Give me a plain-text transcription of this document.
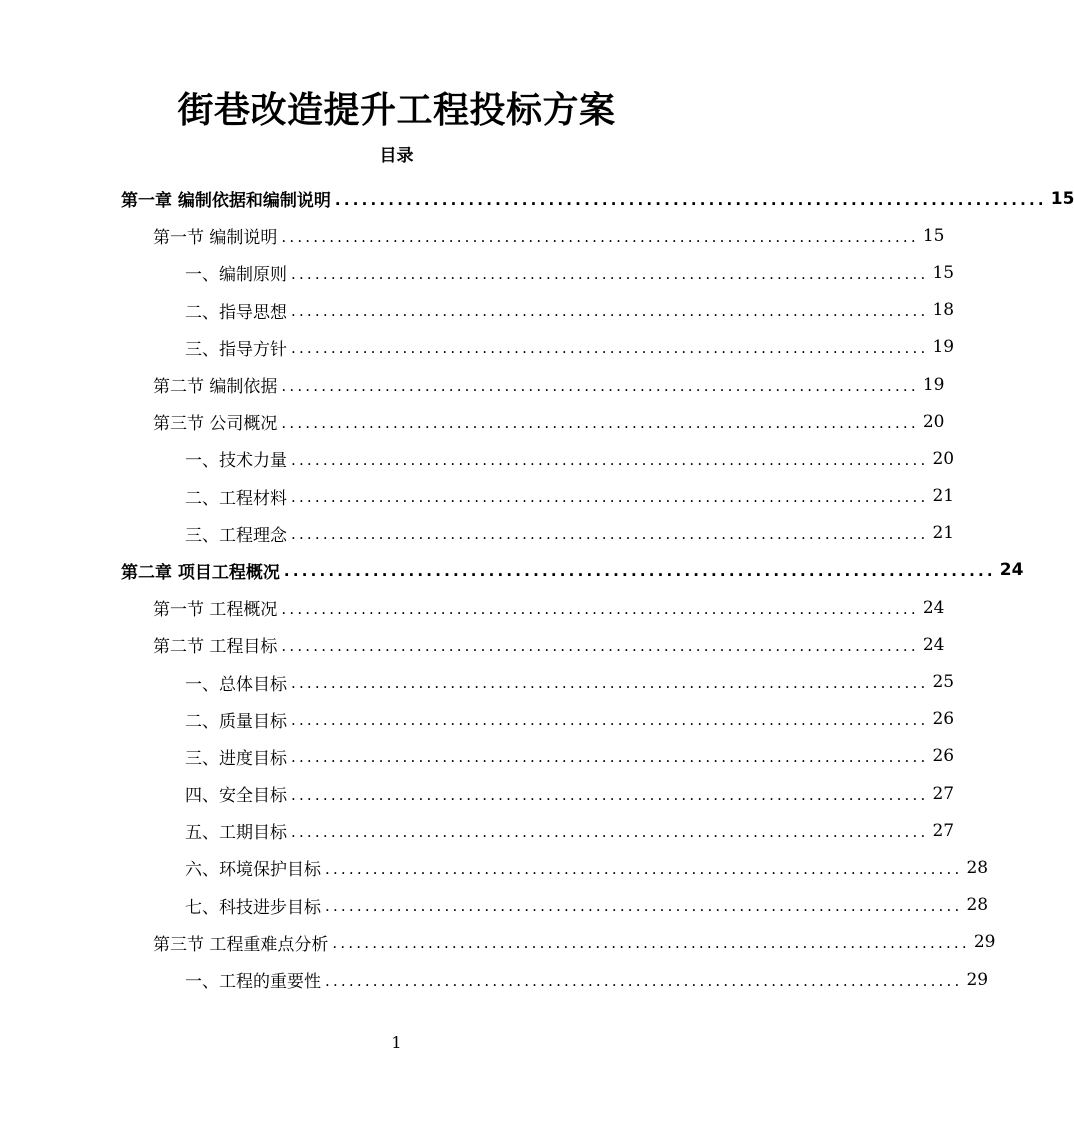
街巷改造提升工程投标方案
目录
第一章 编制依据和编制说明 ................................................................................ 15
第一节 编制说明 ................................................................................ 15
一、编制原则 ................................................................................ 15
二、指导思想 ................................................................................ 18
三、指导方针 ................................................................................ 19
第二节 编制依据 ................................................................................ 19
第三节 公司概况 ................................................................................ 20
一、技术力量 ................................................................................ 20
二、工程材料 ................................................................................ 21
三、工程理念 ................................................................................ 21
第二章 项目工程概况 ................................................................................ 24
第一节 工程概况 ................................................................................ 24
第二节 工程目标 ................................................................................ 24
一、总体目标 ................................................................................ 25
二、质量目标 ................................................................................ 26
三、进度目标 ................................................................................ 26
四、安全目标 ................................................................................ 27
五、工期目标 ................................................................................ 27
六、环境保护目标 ................................................................................ 28
七、科技进步目标 ................................................................................ 28
第三节 工程重难点分析 ................................................................................ 29
一、工程的重要性 ................................................................................ 29
1
